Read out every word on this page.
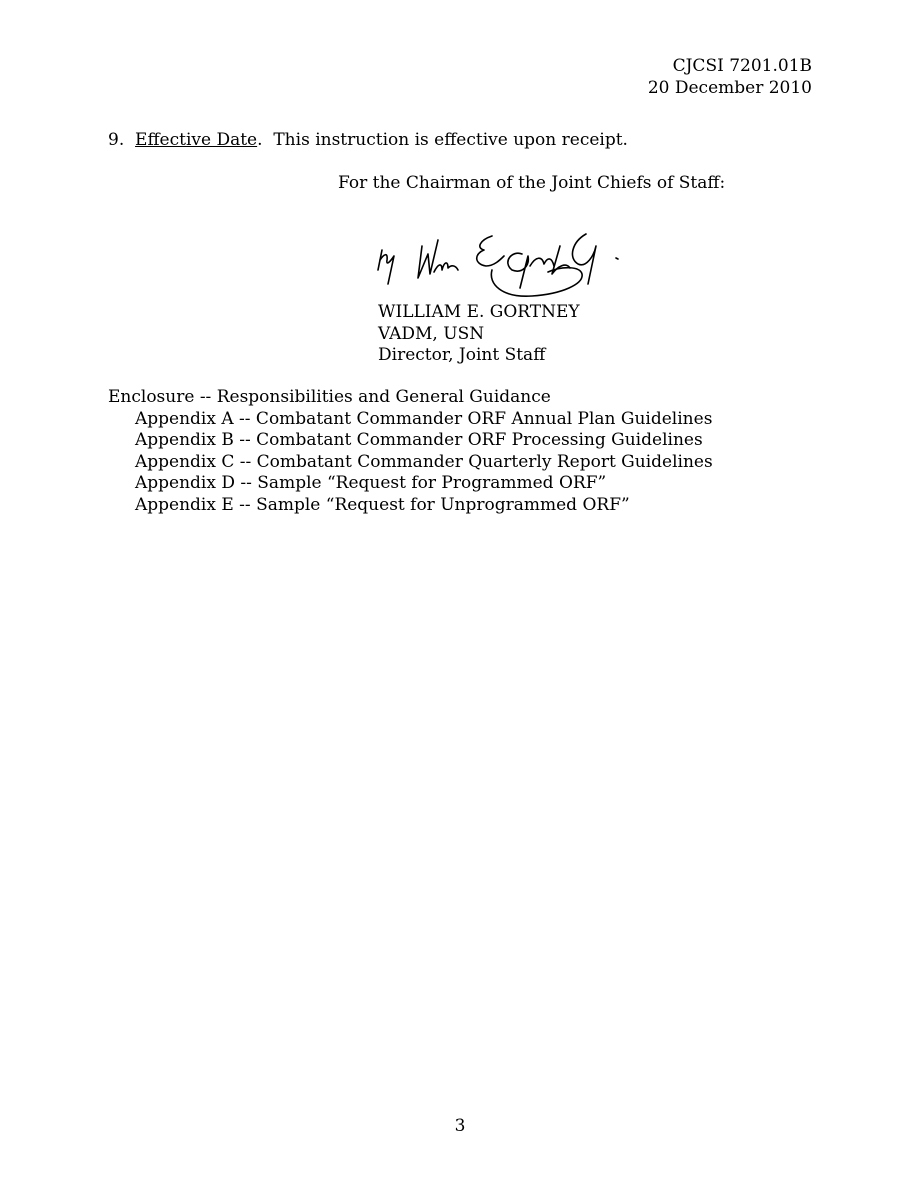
CJCSI 7201.01B
20 December 2010
9. Effective Date. This instruction is effective upon receipt.
For the Chairman of the Joint Chiefs of Staff:
WILLIAM E. GORTNEY
VADM, USN
Director, Joint Staff
Enclosure -- Responsibilities and General Guidance
Appendix A -- Combatant Commander ORF Annual Plan Guidelines
Appendix B -- Combatant Commander ORF Processing Guidelines
Appendix C -- Combatant Commander Quarterly Report Guidelines
Appendix D -- Sample “Request for Programmed ORF”
Appendix E -- Sample “Request for Unprogrammed ORF”
3
